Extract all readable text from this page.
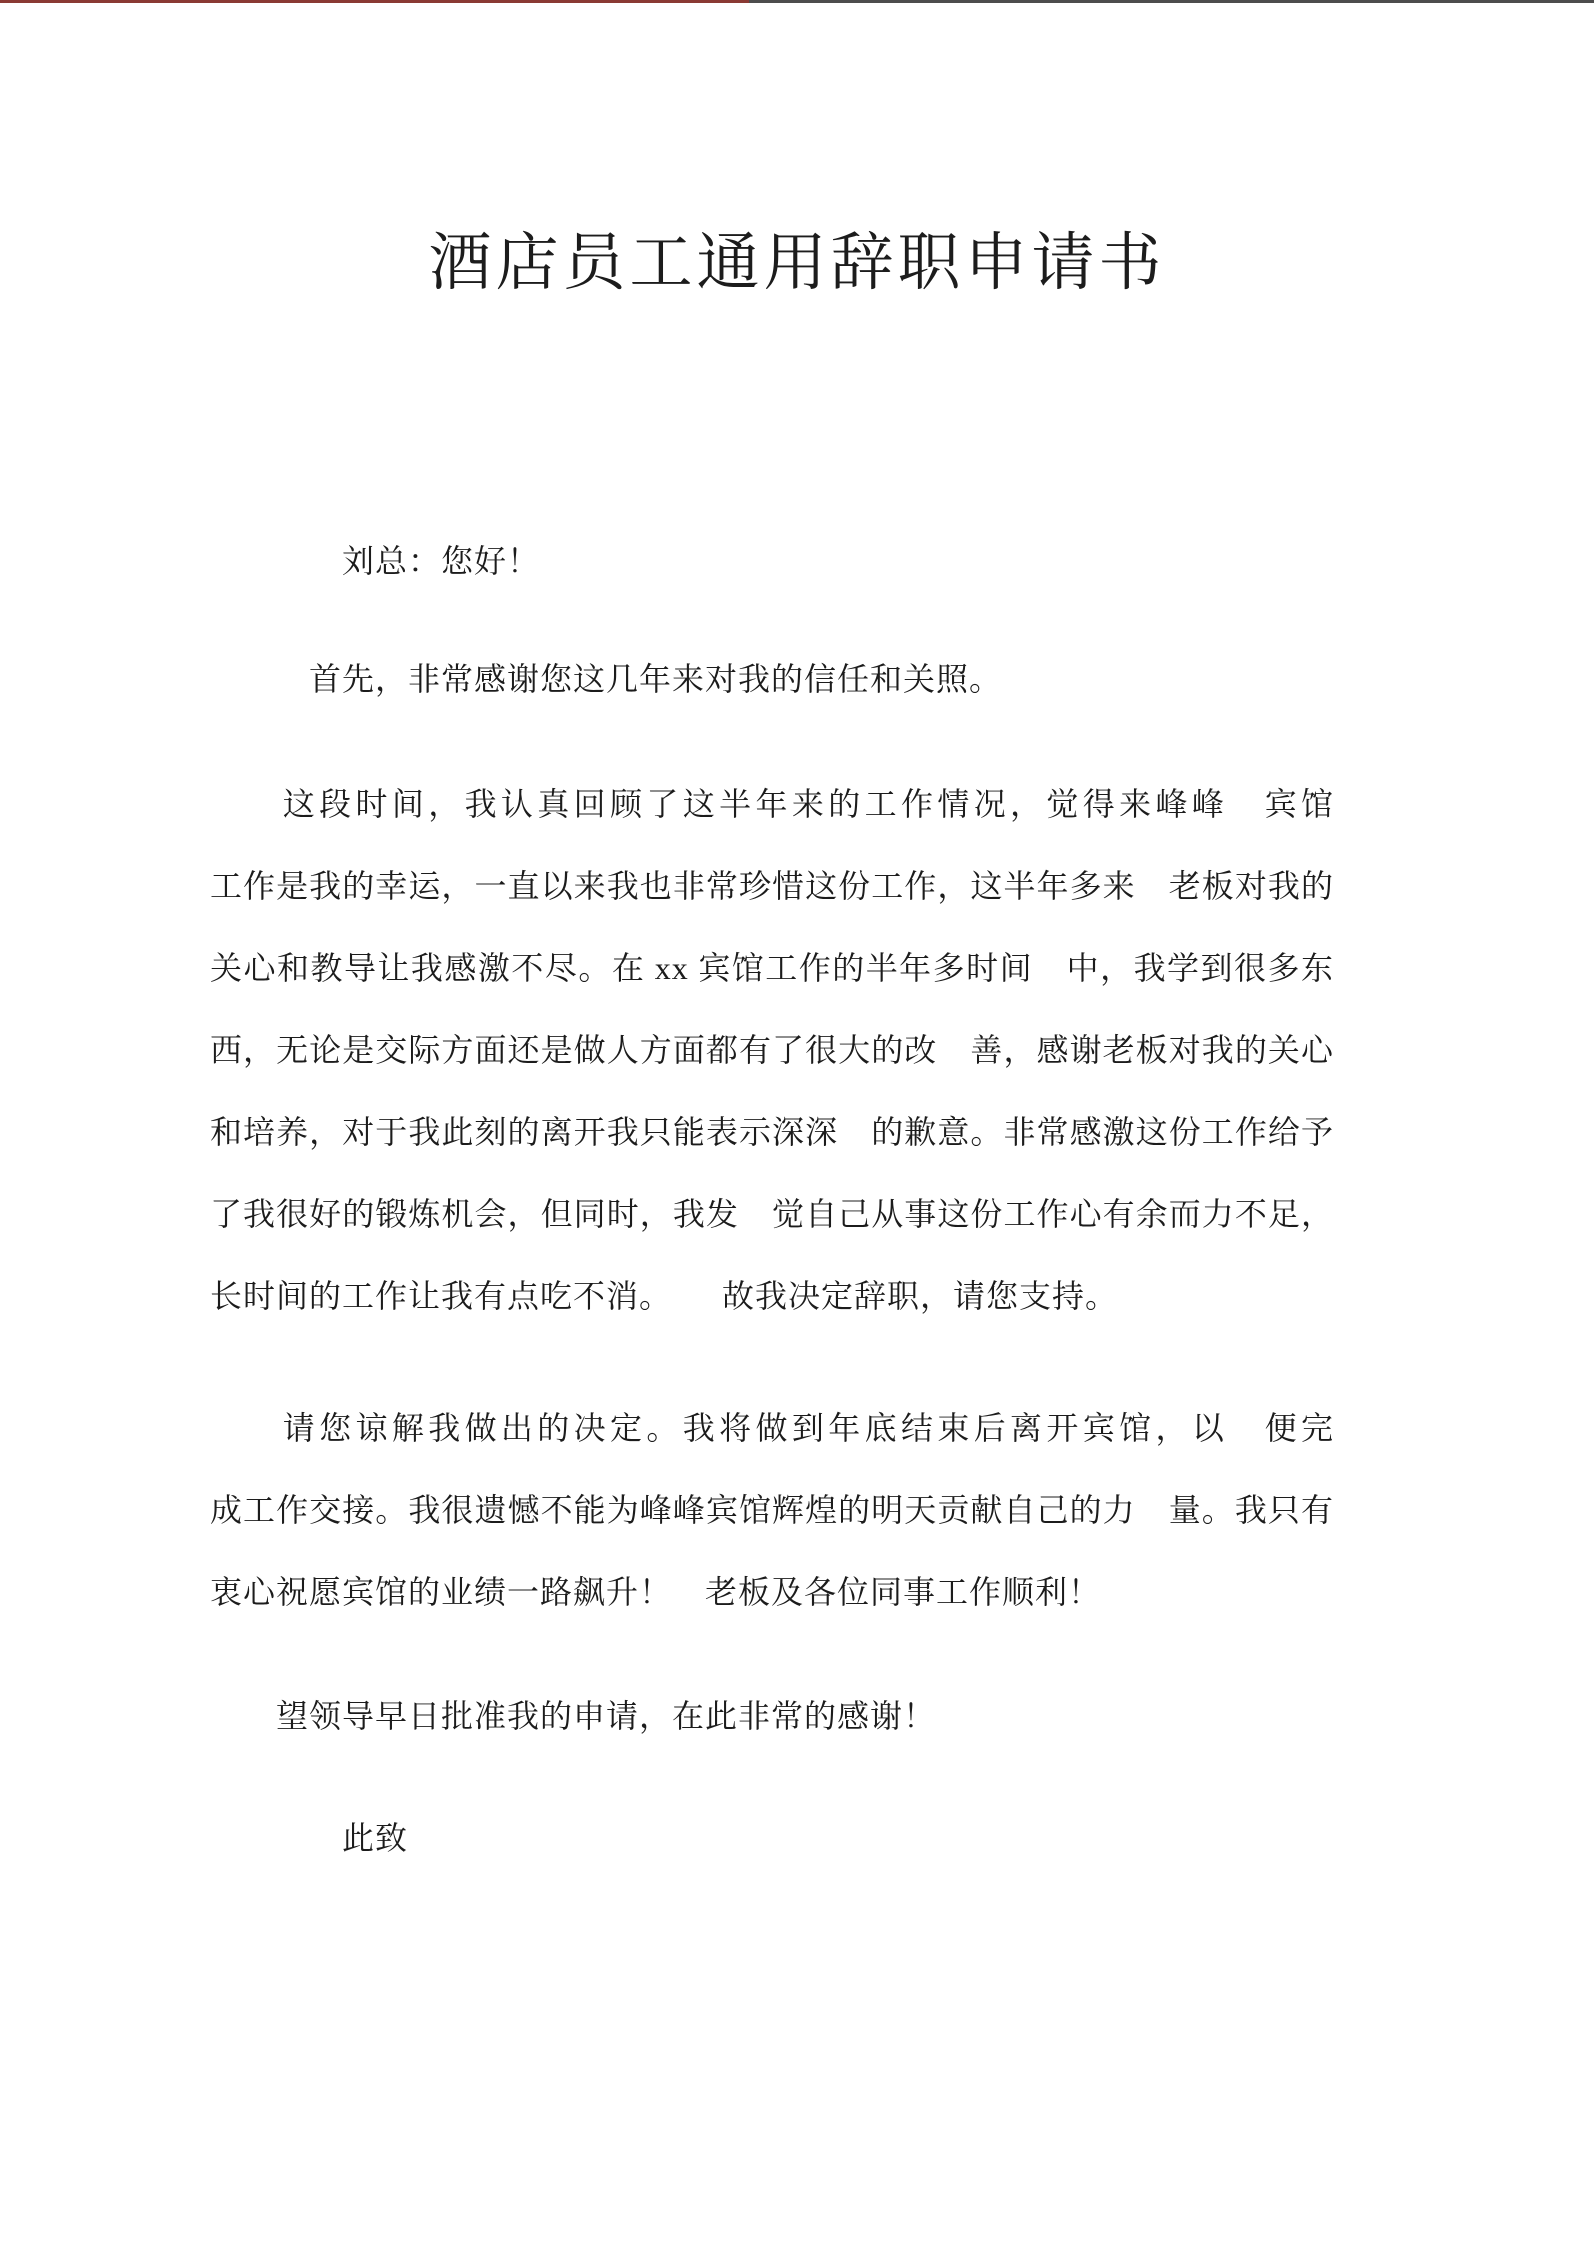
酒店员工通用辞职申请书
　　　　刘总：您好！
　　　首先，非常感谢您这几年来对我的信任和关照。
　　这段时间，我认真回顾了这半年来的工作情况，觉得来峰峰　宾馆
工作是我的幸运，一直以来我也非常珍惜这份工作，这半年多来　老板对我的
关心和教导让我感激不尽。在 xx 宾馆工作的半年多时间　中，我学到很多东
西，无论是交际方面还是做人方面都有了很大的改　善，感谢老板对我的关心
和培养，对于我此刻的离开我只能表示深深　的歉意。非常感激这份工作给予
了我很好的锻炼机会，但同时，我发　觉自己从事这份工作心有余而力不足，
长时间的工作让我有点吃不消。　　故我决定辞职，请您支持。
　　请您谅解我做出的决定。我将做到年底结束后离开宾馆，以　便完
成工作交接。我很遗憾不能为峰峰宾馆辉煌的明天贡献自己的力　量。我只有
衷心祝愿宾馆的业绩一路飙升！　老板及各位同事工作顺利！
　　望领导早日批准我的申请，在此非常的感谢！
　　　　此致
